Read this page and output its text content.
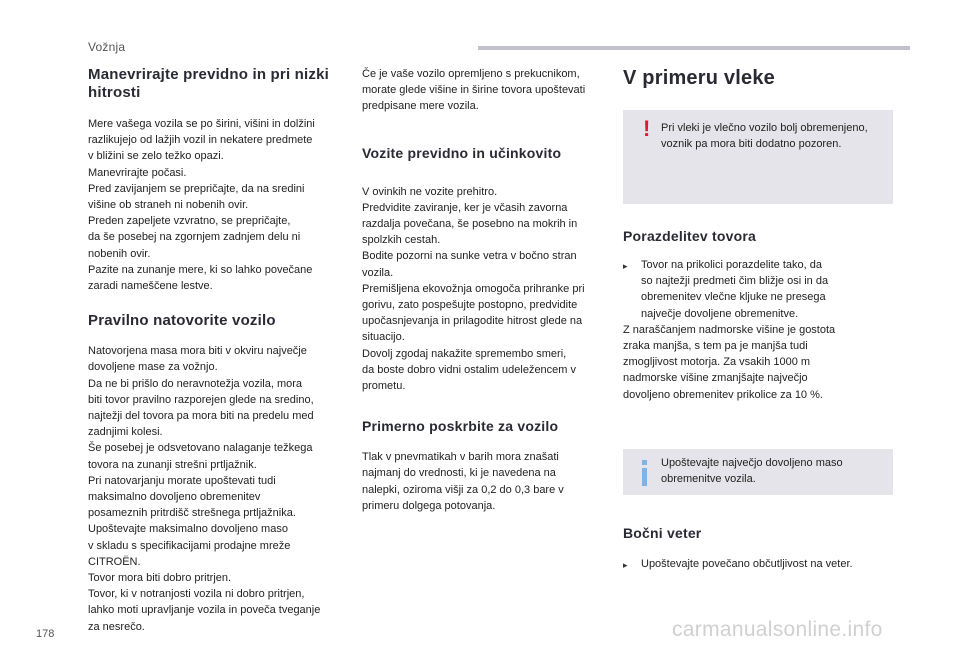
Vožnja
Manevrirajte previdno in pri nizki hitrosti

Mere vašega vozila se po širini, višini in dolžini
razlikujejo od lažjih vozil in nekatere predmete
v bližini se zelo težko opazi.
Manevrirajte počasi.
Pred zavijanjem se prepričajte, da na sredini
višine ob straneh ni nobenih ovir.
Preden zapeljete vzvratno, se prepričajte,
da še posebej na zgornjem zadnjem delu ni
nobenih ovir.
Pazite na zunanje mere, ki so lahko povečane
zaradi nameščene lestve.

Pravilno natovorite vozilo

Natovorjena masa mora biti v okviru največje
dovoljene mase za vožnjo.
Da ne bi prišlo do neravnotežja vozila, mora
biti tovor pravilno razporejen glede na sredino,
najtežji del tovora pa mora biti na predelu med
zadnjimi kolesi.
Še posebej je odsvetovano nalaganje težkega
tovora na zunanji strešni prtljažnik.
Pri natovarjanju morate upoštevati tudi
maksimalno dovoljeno obremenitev
posameznih pritrdišč strešnega prtljažnika.
Upoštevajte maksimalno dovoljeno maso
v skladu s specifikacijami prodajne mreže
CITROËN.
Tovor mora biti dobro pritrjen.
Tovor, ki v notranjosti vozila ni dobro pritrjen,
lahko moti upravljanje vozila in poveča tveganje
za nesrečo.

Če je vaše vozilo opremljeno s prekucnikom,
morate glede višine in širine tovora upoštevati
predpisane mere vozila.

Vozite previdno in učinkovito

V ovinkih ne vozite prehitro.
Predvidite zaviranje, ker je včasih zavorna
razdalja povečana, še posebno na mokrih in
spolzkih cestah.
Bodite pozorni na sunke vetra v bočno stran
vozila.
Premišljena ekovožnja omogoča prihranke pri
gorivu, zato pospešujte postopno, predvidite
upočasnjevanja in prilagodite hitrost glede na
situacijo.
Dovolj zgodaj nakažite spremembo smeri,
da boste dobro vidni ostalim udeležencem v
prometu.

Primerno poskrbite za vozilo

Tlak v pnevmatikah v barih mora znašati
najmanj do vrednosti, ki je navedena na
nalepki, oziroma višji za 0,2 do 0,3 bare v
primeru dolgega potovanja.

V primeru vleke
! Pri vleki je vlečno vozilo bolj obremenjeno,
voznik pa mora biti dodatno pozoren.
Porazdelitev tovora
▸	Tovor na prikolici porazdelite tako, da
so najtežji predmeti čim bližje osi in da
obremenitev vlečne kljuke ne presega
največje dovoljene obremenitve.

Z naraščanjem nadmorske višine je gostota
zraka manjša, s tem pa je manjša tudi
zmogljivost motorja. Za vsakih 1000 m
nadmorske višine zmanjšajte največjo
dovoljeno obremenitev prikolice za 10 %.

Upoštevajte največjo dovoljeno maso
obremenitve vozila.
Bočni veter
▸	Upoštevajte povečano občutljivost na veter.
178	carmanualsonline.info
